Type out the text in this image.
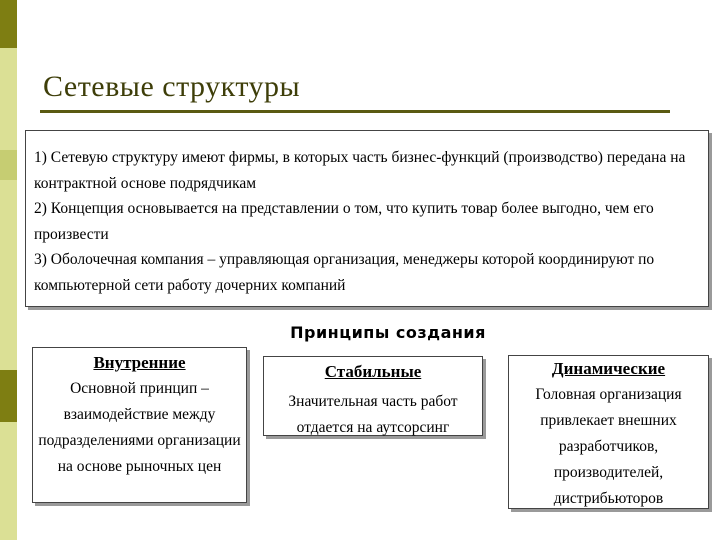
Сетевые структуры

1) Сетевую структуру имеют фирмы, в которых часть бизнес-функций (производство) передана на контрактной основе подрядчикам

2) Концепция основывается на представлении о том, что купить товар более выгодно, чем его произвести

3) Оболочечная компания – управляющая организация, менеджеры которой координируют по компьютерной сети работу дочерних компаний

Принципы создания
Внутренние
Основной принцип – взаимодействие между подразделениями организации на основе рыночных цен
Стабильные
Значительная часть работ отдается на аутсорсинг
Динамические
Головная организация привлекает внешних разработчиков, производителей, дистрибьюторов
